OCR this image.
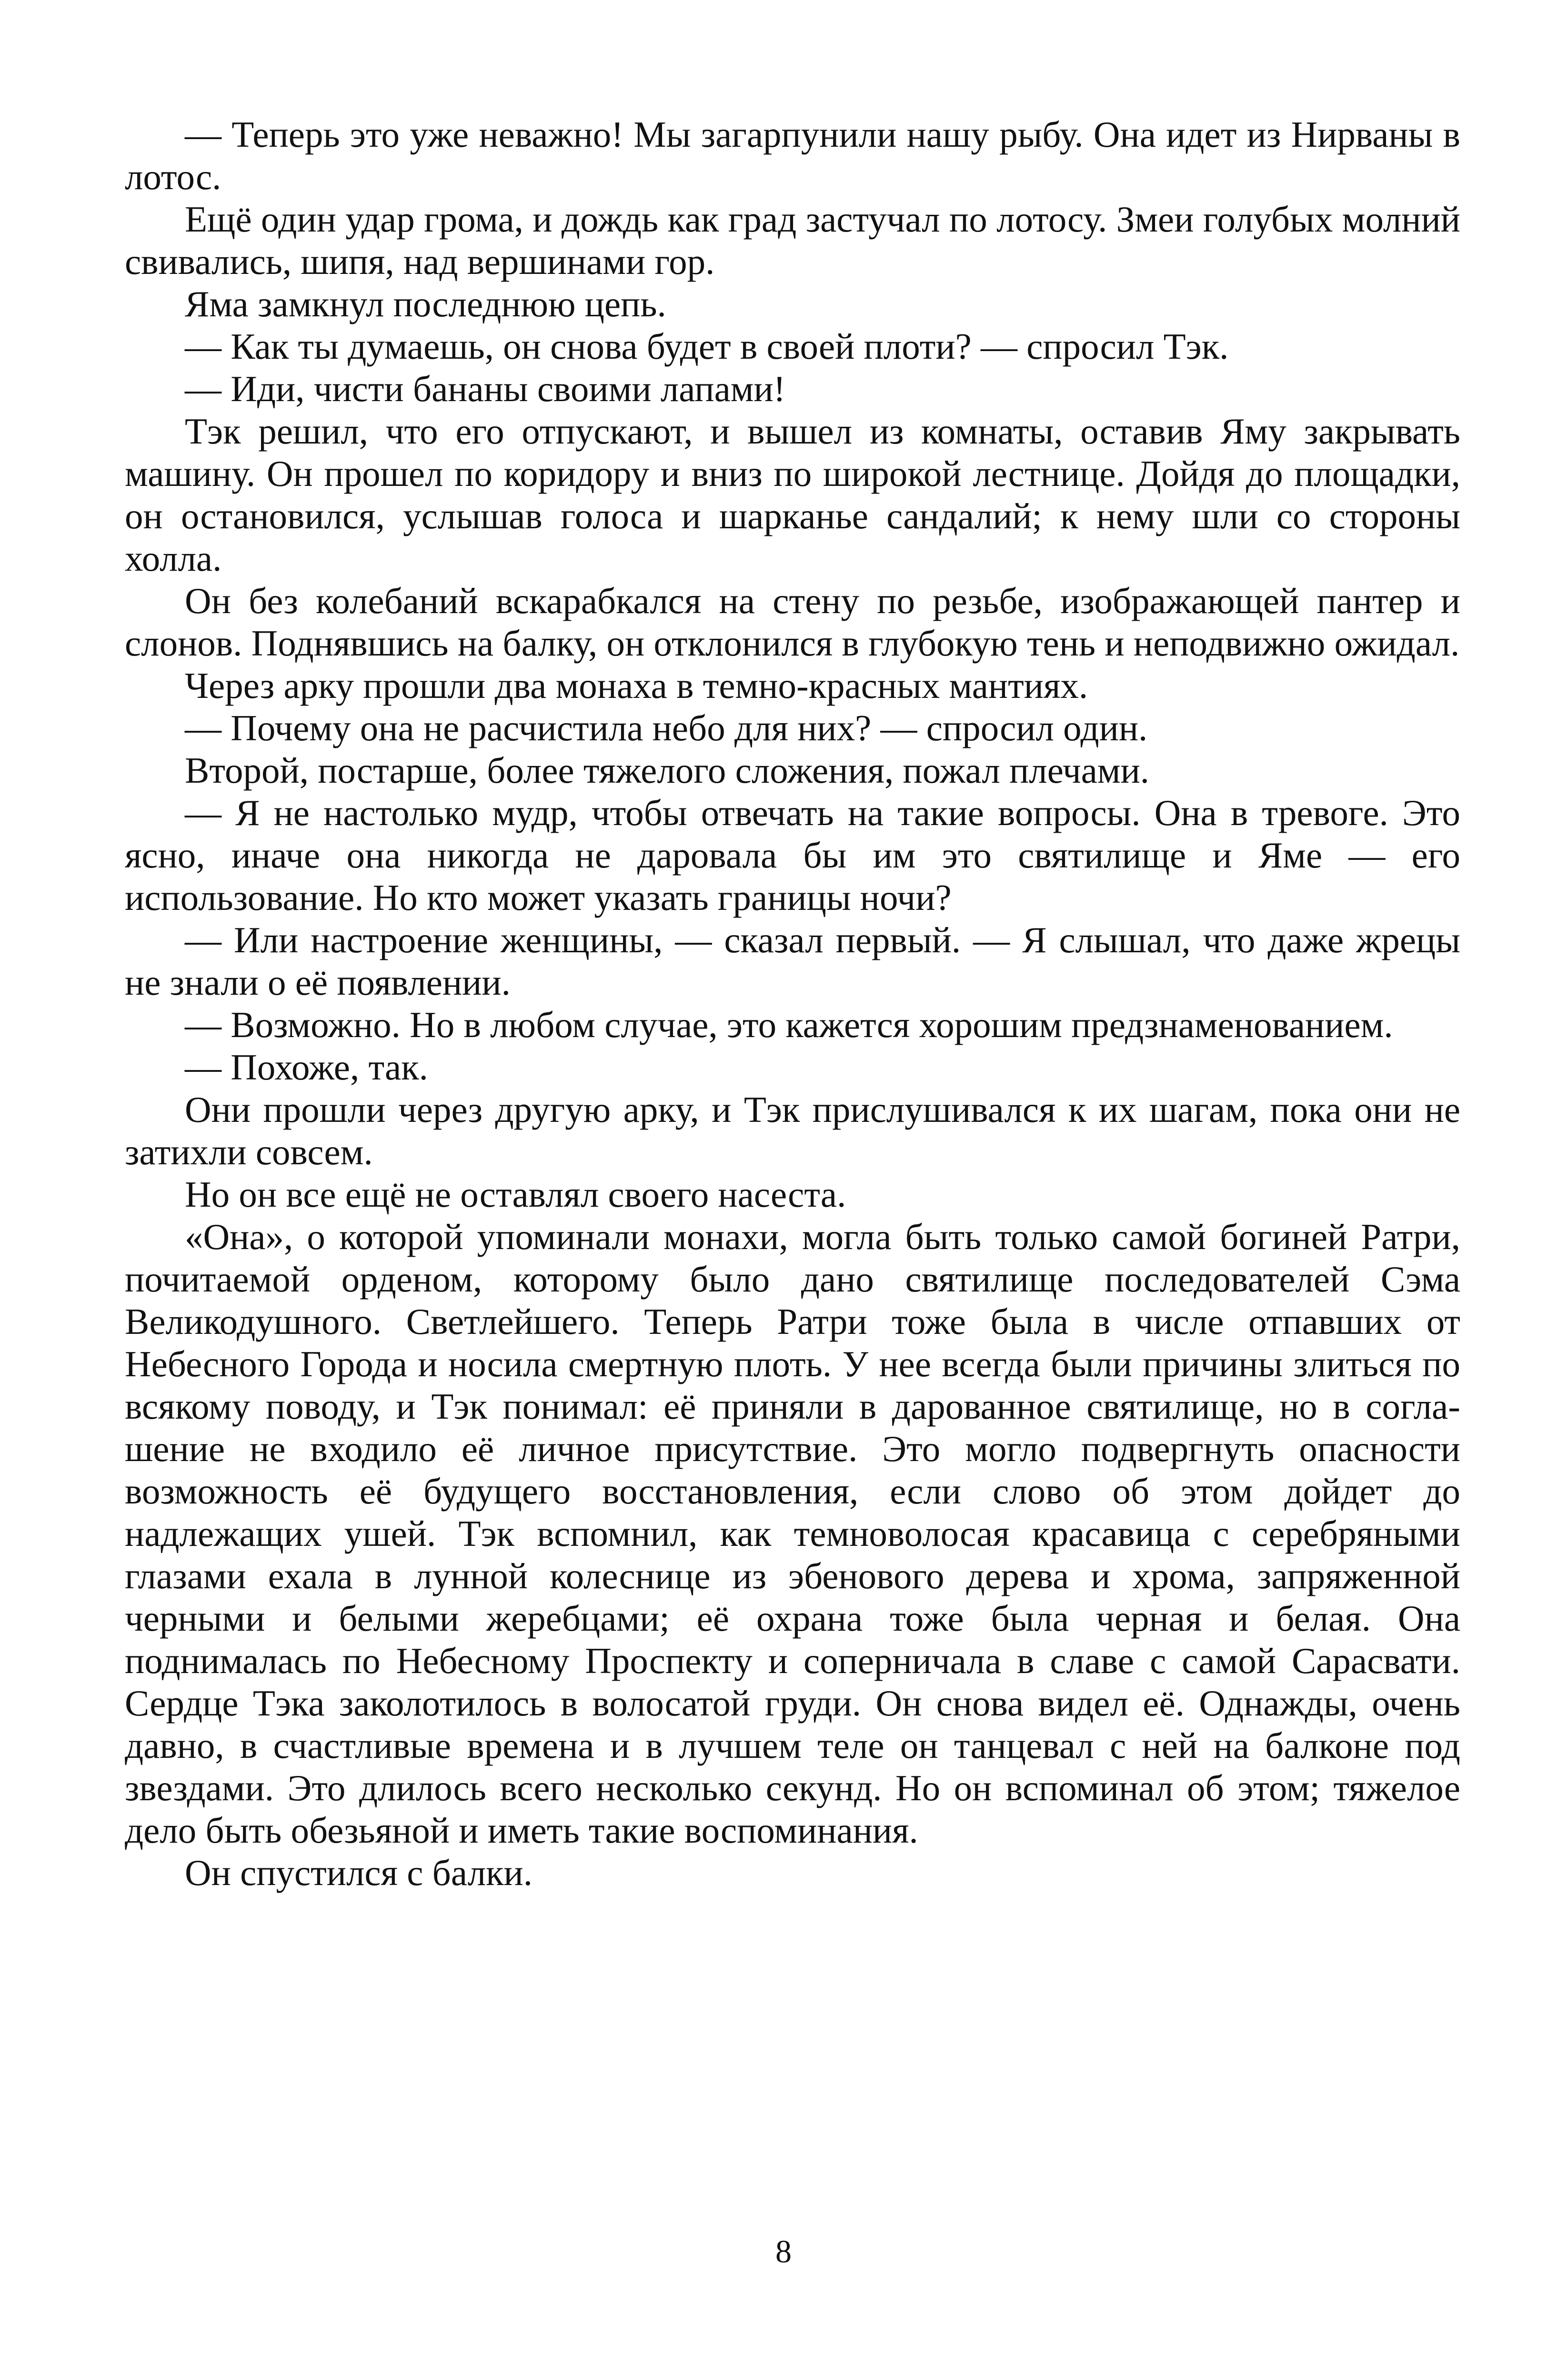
— Теперь это уже неважно! Мы загарпунили нашу рыбу. Она идет из Нирваны в лотос.

Ещё один удар грома, и дождь как град застучал по лотосу. Змеи голубых молний свивались, шипя, над вершинами гор.

Яма замкнул последнюю цепь.

— Как ты думаешь, он снова будет в своей плоти? — спросил Тэк.

— Иди, чисти бананы своими лапами!

Тэк решил, что его отпускают, и вышел из комнаты, оставив Яму закрывать машину. Он прошел по коридору и вниз по широкой лестнице. Дойдя до площадки, он остановился, услышав голоса и шарканье сандалий; к нему шли со стороны холла.

Он без колебаний вскарабкался на стену по резьбе, изображающей пантер и слонов. Поднявшись на балку, он отклонился в глубокую тень и неподвижно ожидал.

Через арку прошли два монаха в темно-красных мантиях.

— Почему она не расчистила небо для них? — спросил один.

Второй, постарше, более тяжелого сложения, пожал плечами.

— Я не настолько мудр, чтобы отвечать на такие вопросы. Она в тревоге. Это ясно, иначе она никогда не даровала бы им это святилище и Яме — его использование. Но кто может указать границы ночи?

— Или настроение женщины, — сказал первый. — Я слышал, что даже жрецы не знали о её появлении.

— Возможно. Но в любом случае, это кажется хорошим предзнаменованием.

— Похоже, так.

Они прошли через другую арку, и Тэк прислушивался к их шагам, пока они не затихли совсем.

Но он все ещё не оставлял своего насеста.

«Она», о которой упоминали монахи, могла быть только самой богиней Ратри, почитаемой орденом, которому было дано святилище последователей Сэма Великодушного. Светлейшего. Теперь Ратри тоже была в числе отпавших от Небесного Города и носила смертную плоть. У нее всегда были причины злиться по всякому поводу, и Тэк понимал: её приняли в дарованное святилище, но в соглашение не входило её личное присутствие. Это могло подвергнуть опасности возможность её будущего восстановления, если слово об этом дойдет до надлежащих ушей. Тэк вспомнил, как темноволосая красавица с серебряными глазами ехала в лунной колеснице из эбенового дерева и хрома, запряженной черными и белыми жеребцами; её охрана тоже была черная и белая. Она поднималась по Небесному Проспекту и соперничала в славе с самой Сарасвати. Сердце Тэка заколотилось в волосатой груди. Он снова видел её. Однажды, очень давно, в счастливые времена и в лучшем теле он танцевал с ней на балконе под звездами. Это длилось всего несколько секунд. Но он вспоминал об этом; тяжелое дело быть обезьяной и иметь такие воспоминания.

Он спустился с балки.

8
